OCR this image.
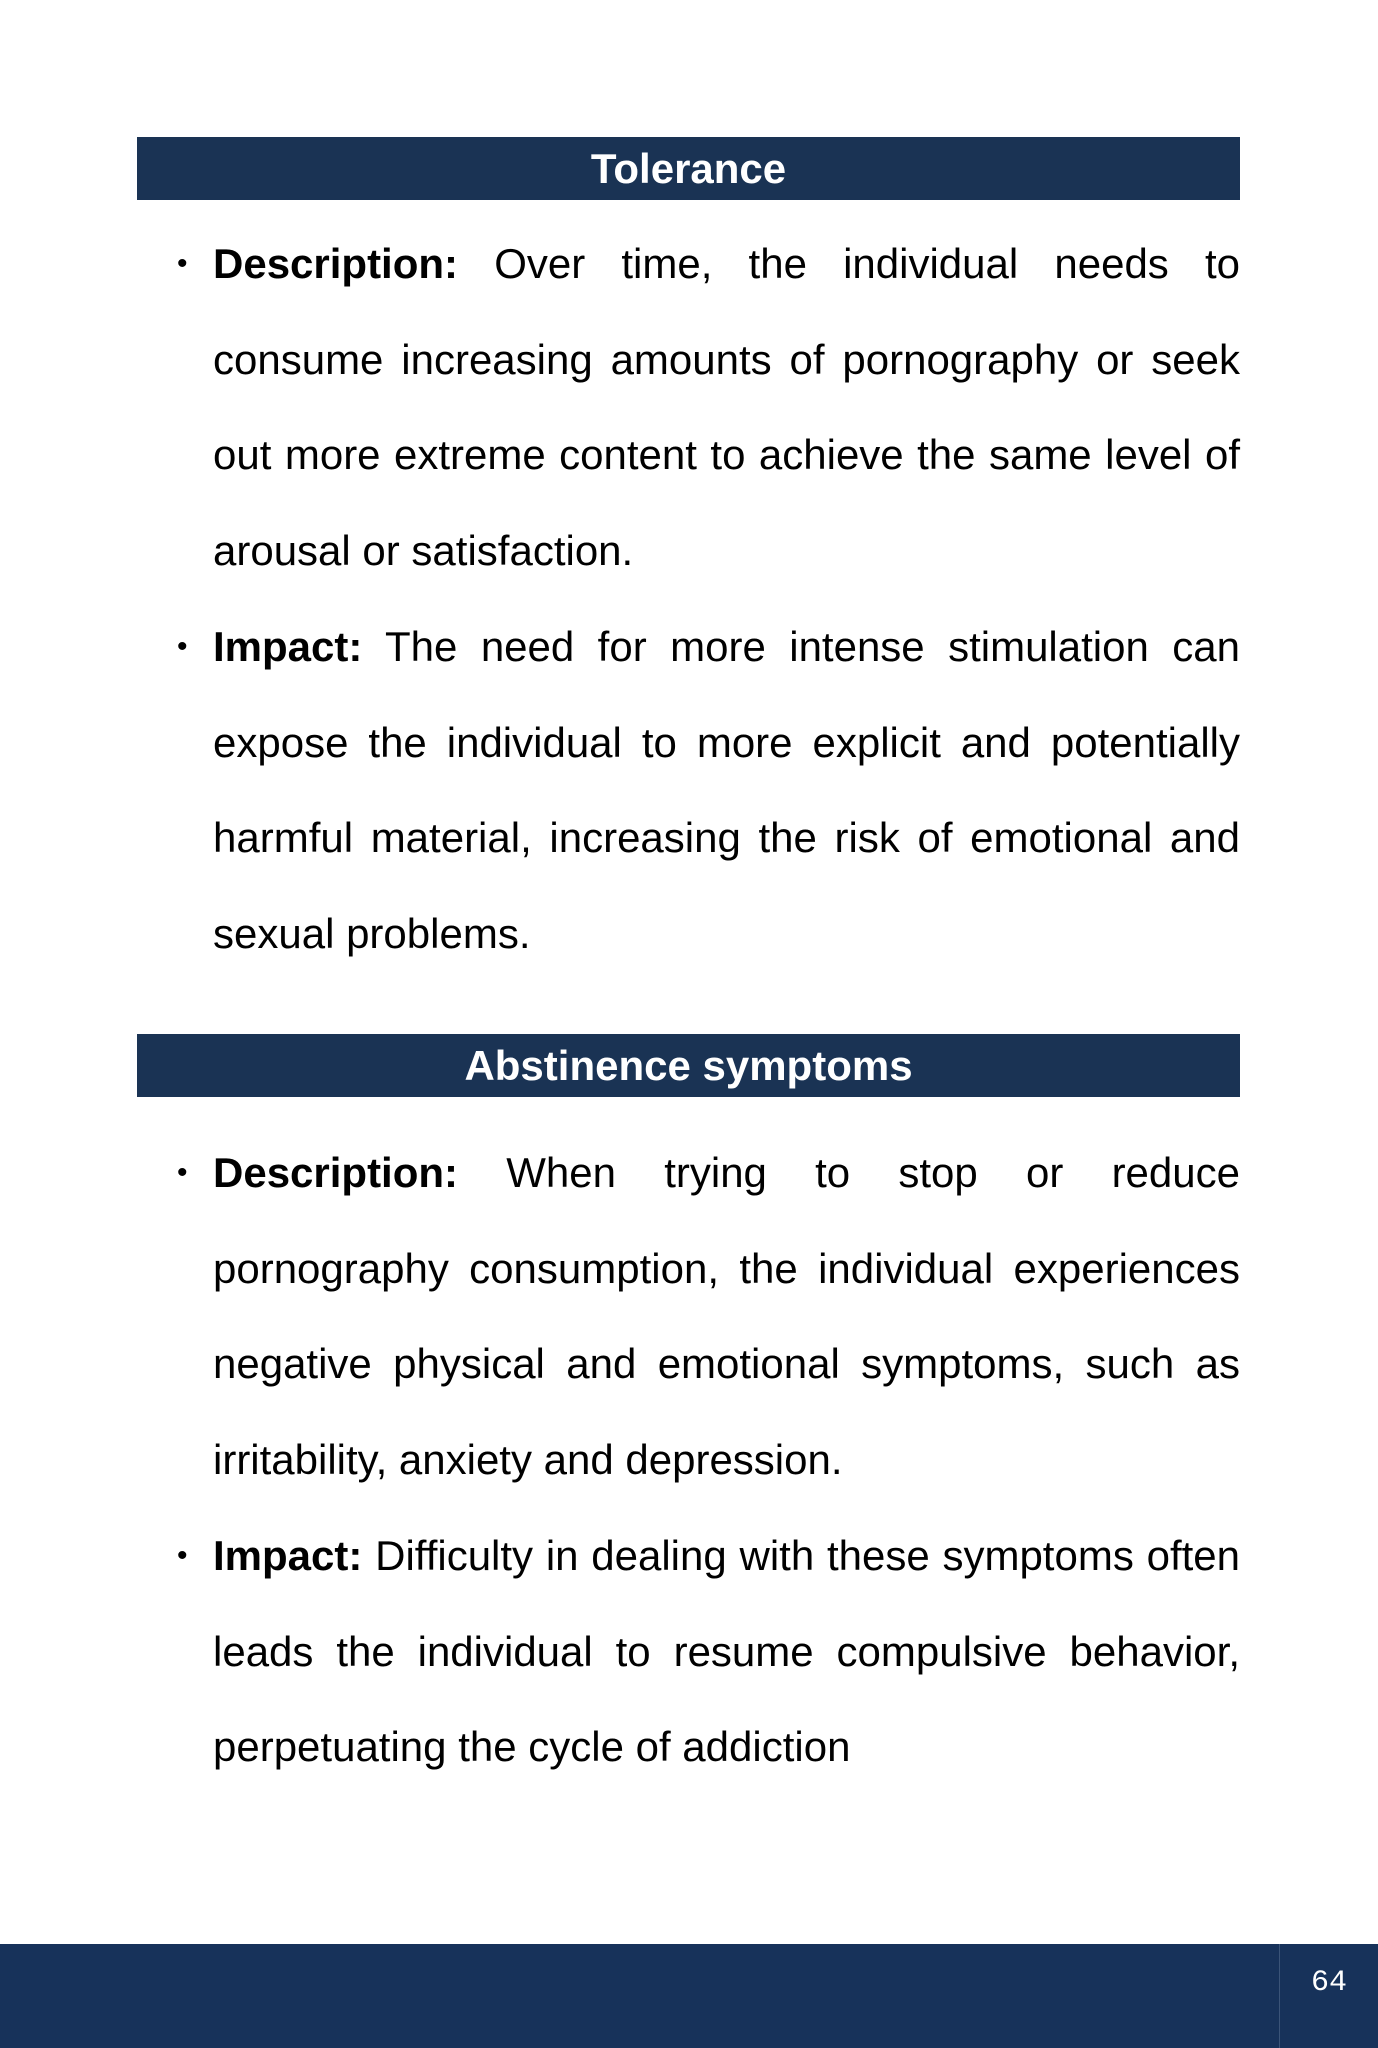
Tolerance
• Description: Over time, the individual needs to consume increasing amounts of pornography or seek out more extreme content to achieve the same level of arousal or satisfaction.
• Impact: The need for more intense stimulation can expose the individual to more explicit and potentially harmful material, increasing the risk of emotional and sexual problems.
Abstinence symptoms
• Description: When trying to stop or reduce pornography consumption, the individual experiences negative physical and emotional symptoms, such as irritability, anxiety and depression.
• Impact: Difficulty in dealing with these symptoms often leads the individual to resume compulsive behavior, perpetuating the cycle of addiction
64
